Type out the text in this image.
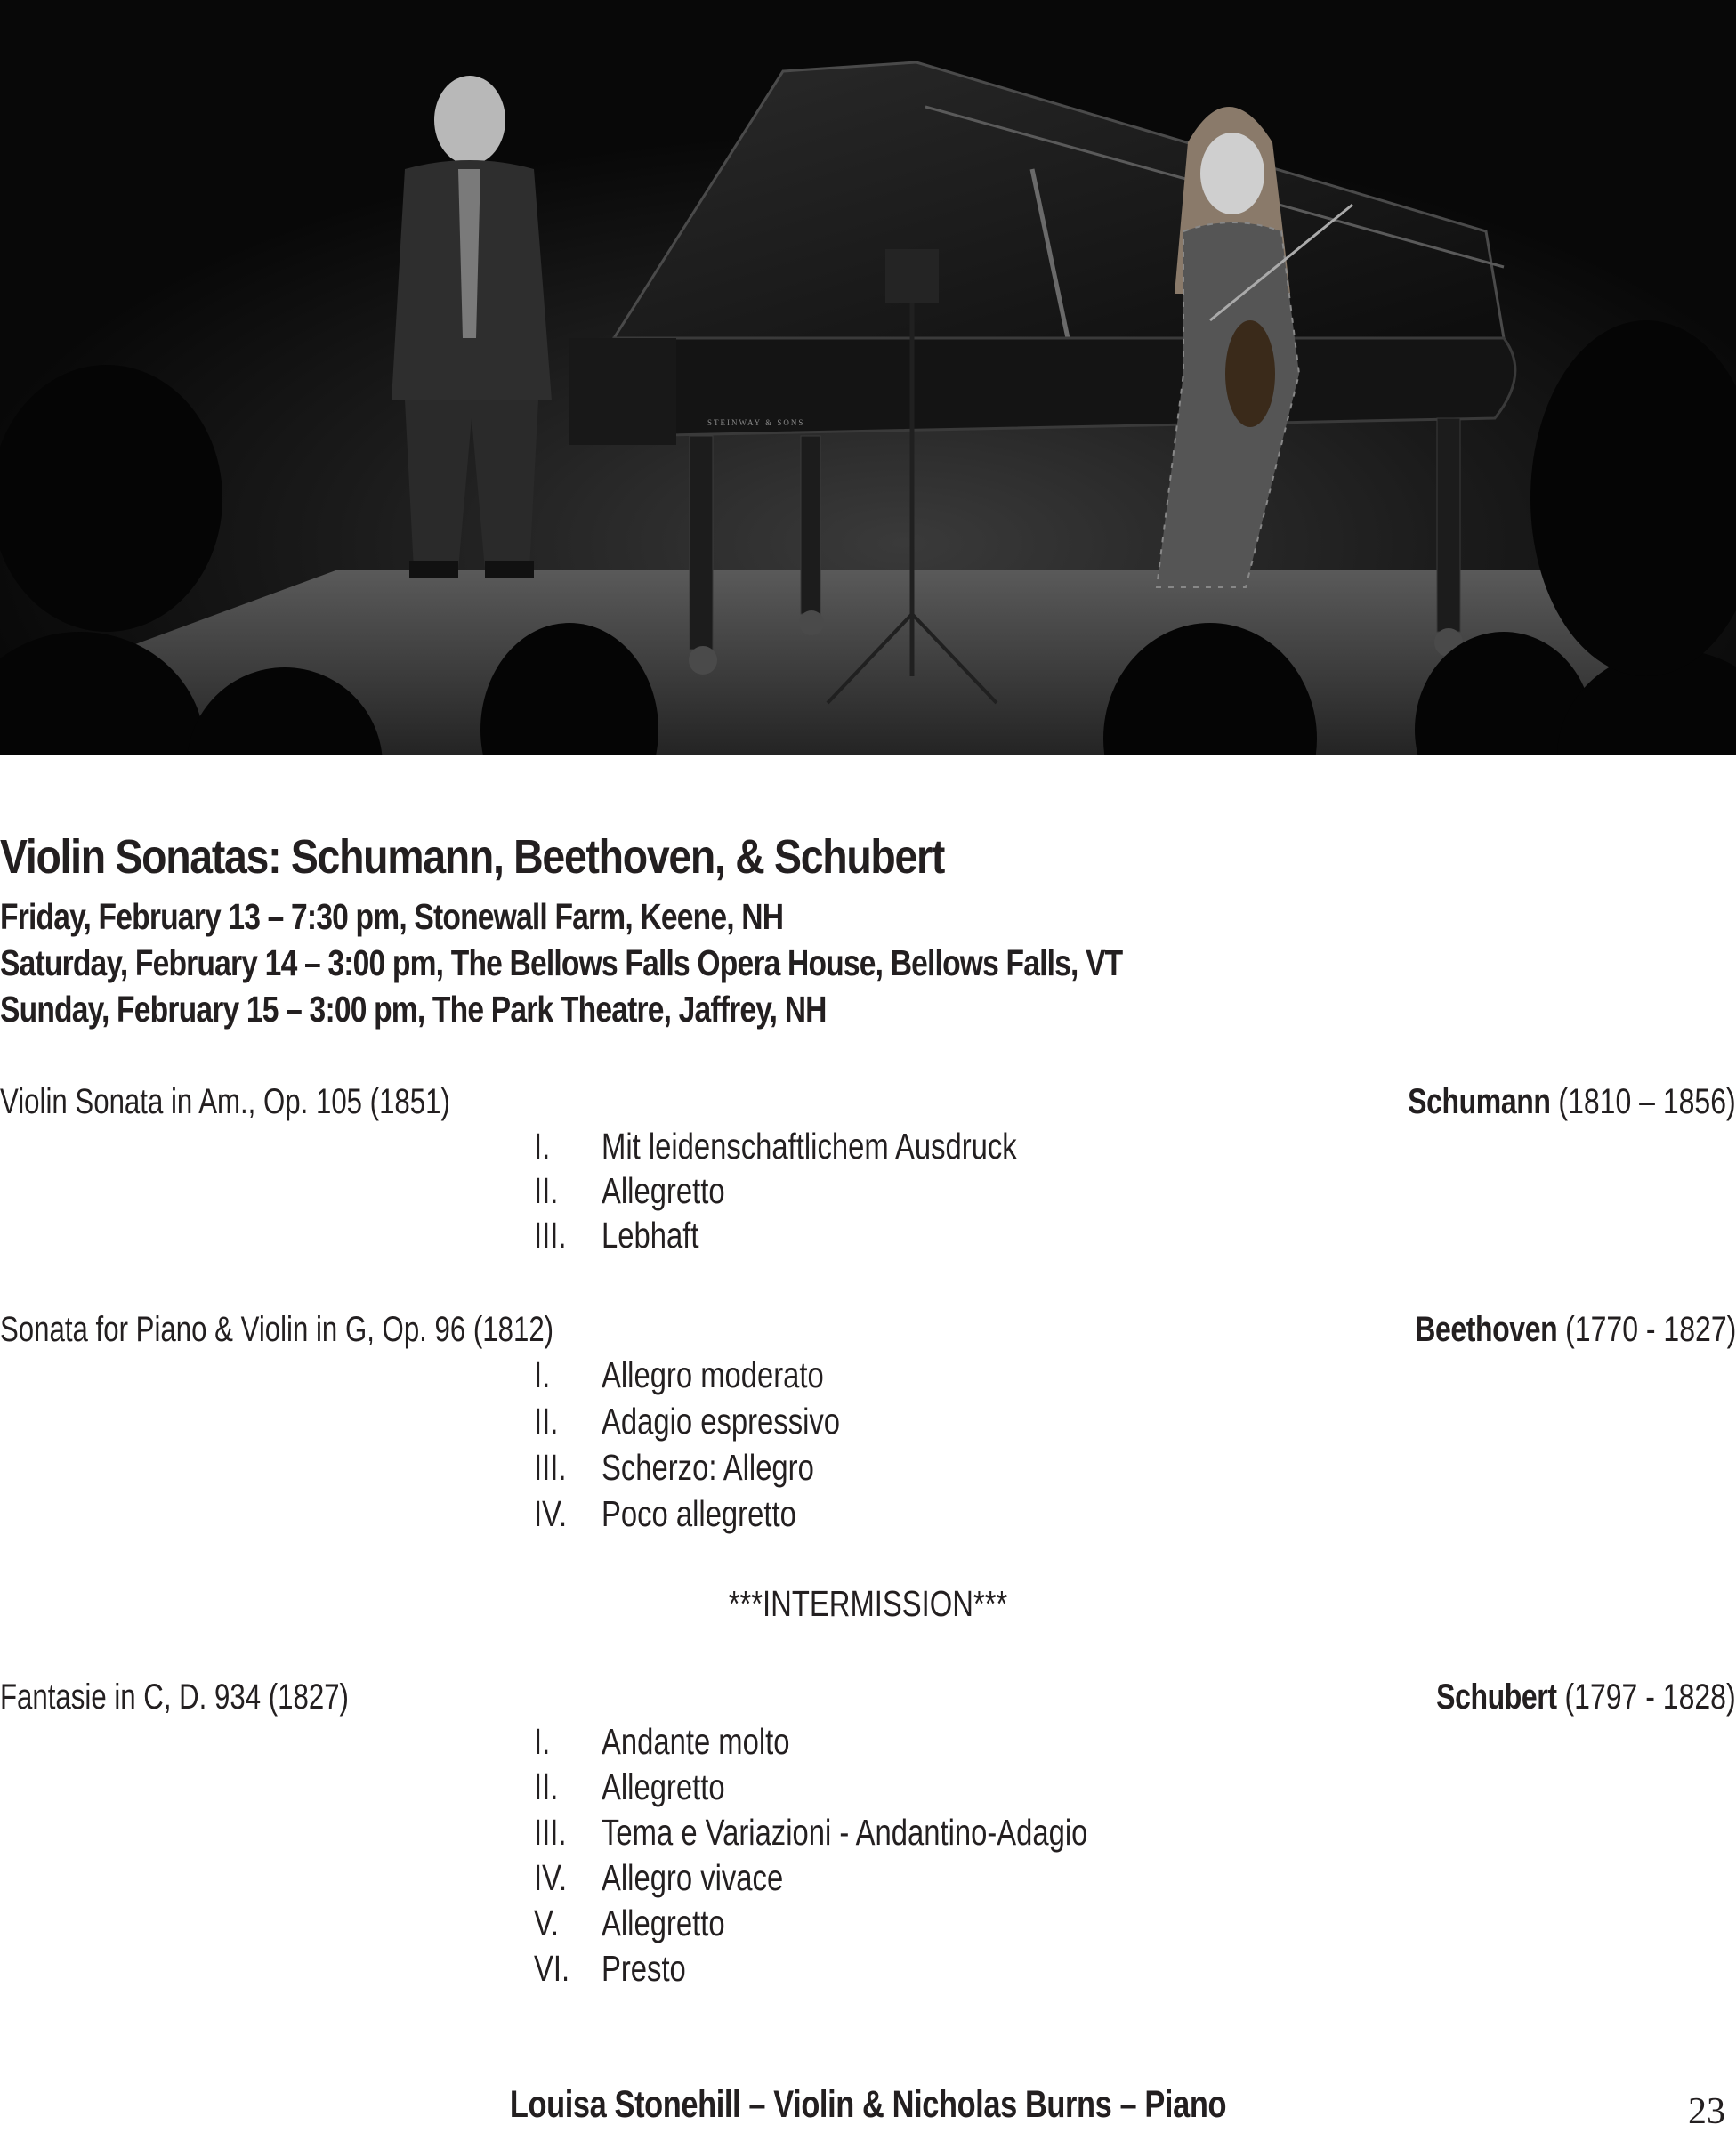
STEINWAY & SONS
Violin Sonatas: Schumann, Beethoven, & Schubert
Friday, February 13 – 7:30 pm, Stonewall Farm, Keene, NH
Saturday, February 14 – 3:00 pm, The Bellows Falls Opera House, Bellows Falls, VT
Sunday, February 15 – 3:00 pm, The Park Theatre, Jaffrey, NH
Violin Sonata in Am., Op. 105 (1851)	Schumann (1810 – 1856)
I. Mit leidenschaftlichem Ausdruck
II. Allegretto
III. Lebhaft
Sonata for Piano & Violin in G, Op. 96 (1812)	Beethoven (1770 - 1827)
I. Allegro moderato
II. Adagio espressivo
III. Scherzo: Allegro
IV. Poco allegretto
***INTERMISSION***
Fantasie in C, D. 934 (1827)	Schubert (1797 - 1828)
I. Andante molto
II. Allegretto
III. Tema e Variazioni - Andantino-Adagio
IV. Allegro vivace
V. Allegretto
VI. Presto
Louisa Stonehill – Violin & Nicholas Burns – Piano	23
